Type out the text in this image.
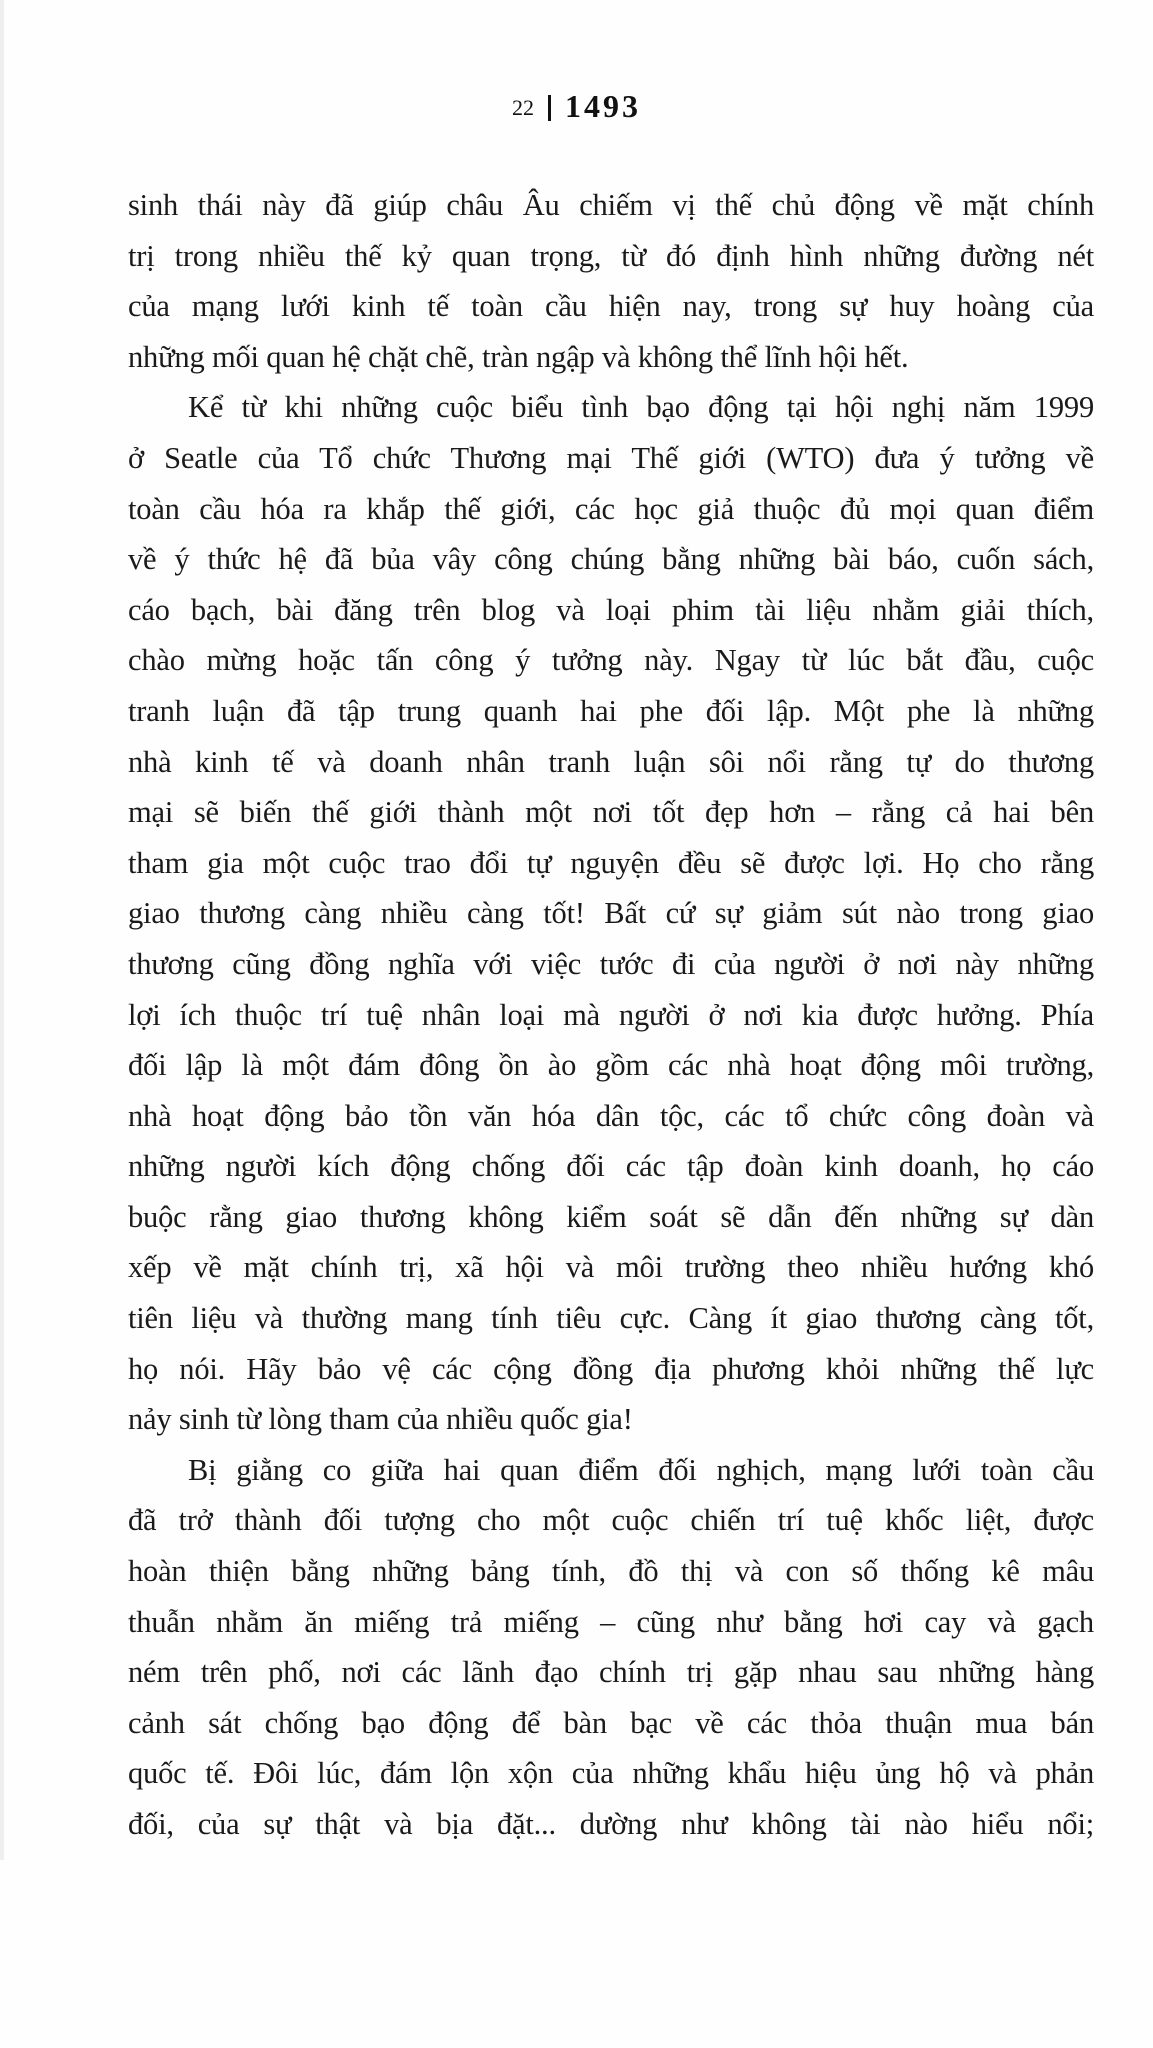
22 1493
sinh thái này đã giúp châu Âu chiếm vị thế chủ động về mặt chính
trị trong nhiều thế kỷ quan trọng, từ đó định hình những đường nét
của mạng lưới kinh tế toàn cầu hiện nay, trong sự huy hoàng của
những mối quan hệ chặt chẽ, tràn ngập và không thể lĩnh hội hết.
Kể từ khi những cuộc biểu tình bạo động tại hội nghị năm 1999
ở Seatle của Tổ chức Thương mại Thế giới (WTO) đưa ý tưởng về
toàn cầu hóa ra khắp thế giới, các học giả thuộc đủ mọi quan điểm
về ý thức hệ đã bủa vây công chúng bằng những bài báo, cuốn sách,
cáo bạch, bài đăng trên blog và loại phim tài liệu nhằm giải thích,
chào mừng hoặc tấn công ý tưởng này. Ngay từ lúc bắt đầu, cuộc
tranh luận đã tập trung quanh hai phe đối lập. Một phe là những
nhà kinh tế và doanh nhân tranh luận sôi nổi rằng tự do thương
mại sẽ biến thế giới thành một nơi tốt đẹp hơn – rằng cả hai bên
tham gia một cuộc trao đổi tự nguyện đều sẽ được lợi. Họ cho rằng
giao thương càng nhiều càng tốt! Bất cứ sự giảm sút nào trong giao
thương cũng đồng nghĩa với việc tước đi của người ở nơi này những
lợi ích thuộc trí tuệ nhân loại mà người ở nơi kia được hưởng. Phía
đối lập là một đám đông ồn ào gồm các nhà hoạt động môi trường,
nhà hoạt động bảo tồn văn hóa dân tộc, các tổ chức công đoàn và
những người kích động chống đối các tập đoàn kinh doanh, họ cáo
buộc rằng giao thương không kiểm soát sẽ dẫn đến những sự dàn
xếp về mặt chính trị, xã hội và môi trường theo nhiều hướng khó
tiên liệu và thường mang tính tiêu cực. Càng ít giao thương càng tốt,
họ nói. Hãy bảo vệ các cộng đồng địa phương khỏi những thế lực
nảy sinh từ lòng tham của nhiều quốc gia!
Bị giằng co giữa hai quan điểm đối nghịch, mạng lưới toàn cầu
đã trở thành đối tượng cho một cuộc chiến trí tuệ khốc liệt, được
hoàn thiện bằng những bảng tính, đồ thị và con số thống kê mâu
thuẫn nhằm ăn miếng trả miếng – cũng như bằng hơi cay và gạch
ném trên phố, nơi các lãnh đạo chính trị gặp nhau sau những hàng
cảnh sát chống bạo động để bàn bạc về các thỏa thuận mua bán
quốc tế. Đôi lúc, đám lộn xộn của những khẩu hiệu ủng hộ và phản
đối, của sự thật và bịa đặt... dường như không tài nào hiểu nổi;
